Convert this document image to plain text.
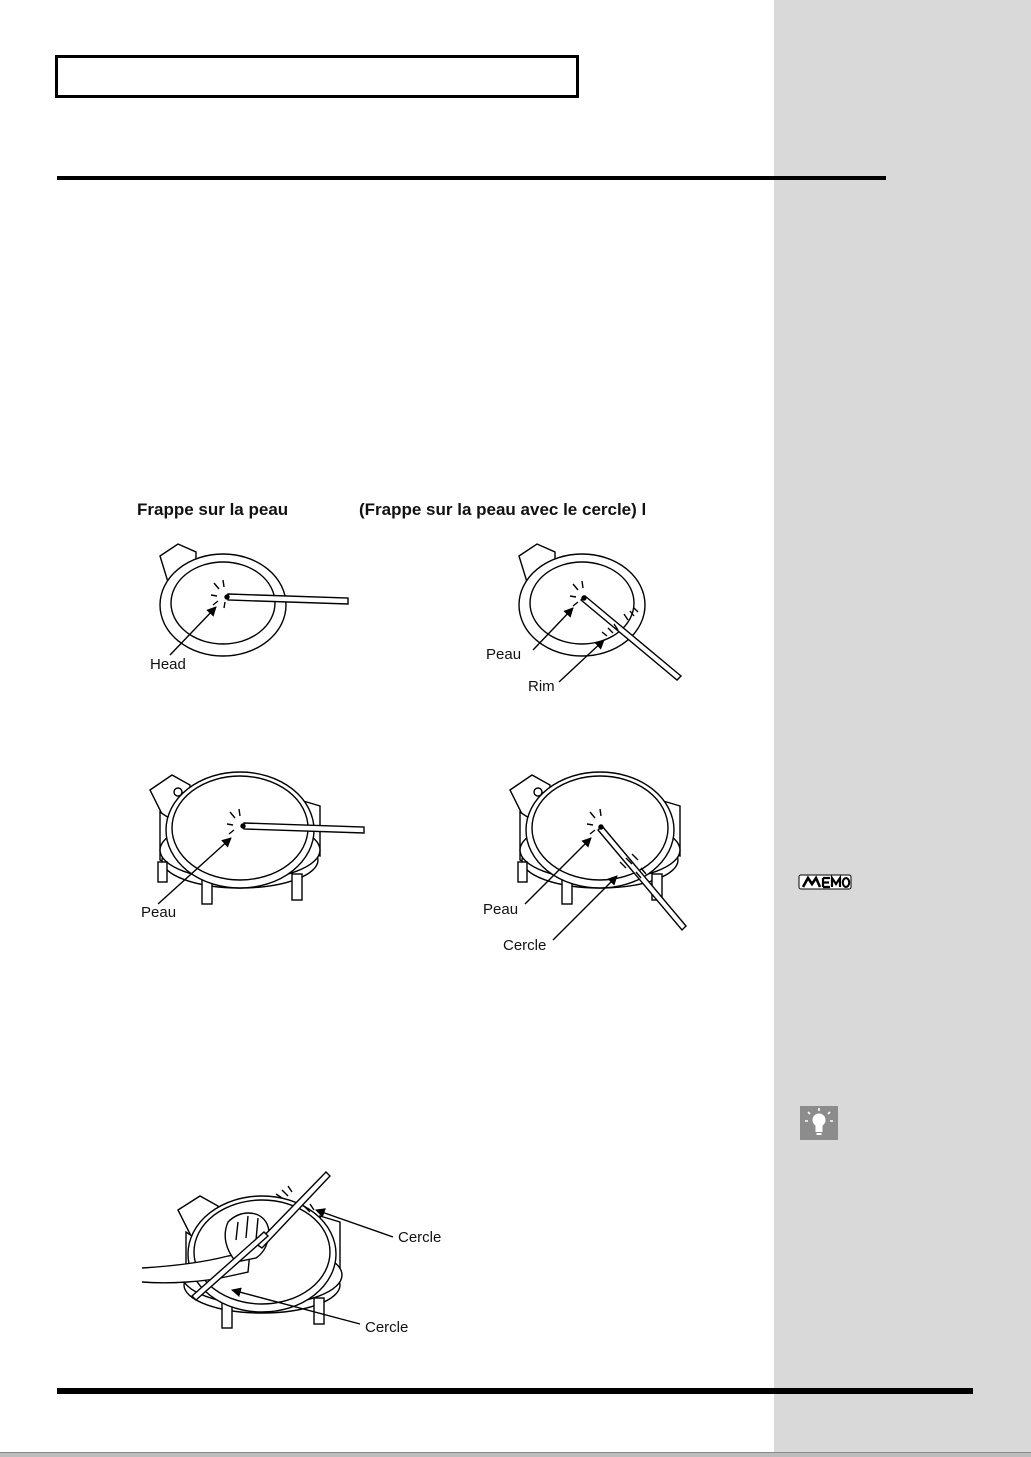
Frappe sur la peau	(Frappe sur la peau avec le cercle) l
Head
Peau
Rim
Peau	Peau
Cercle
Cercle
Cercle
